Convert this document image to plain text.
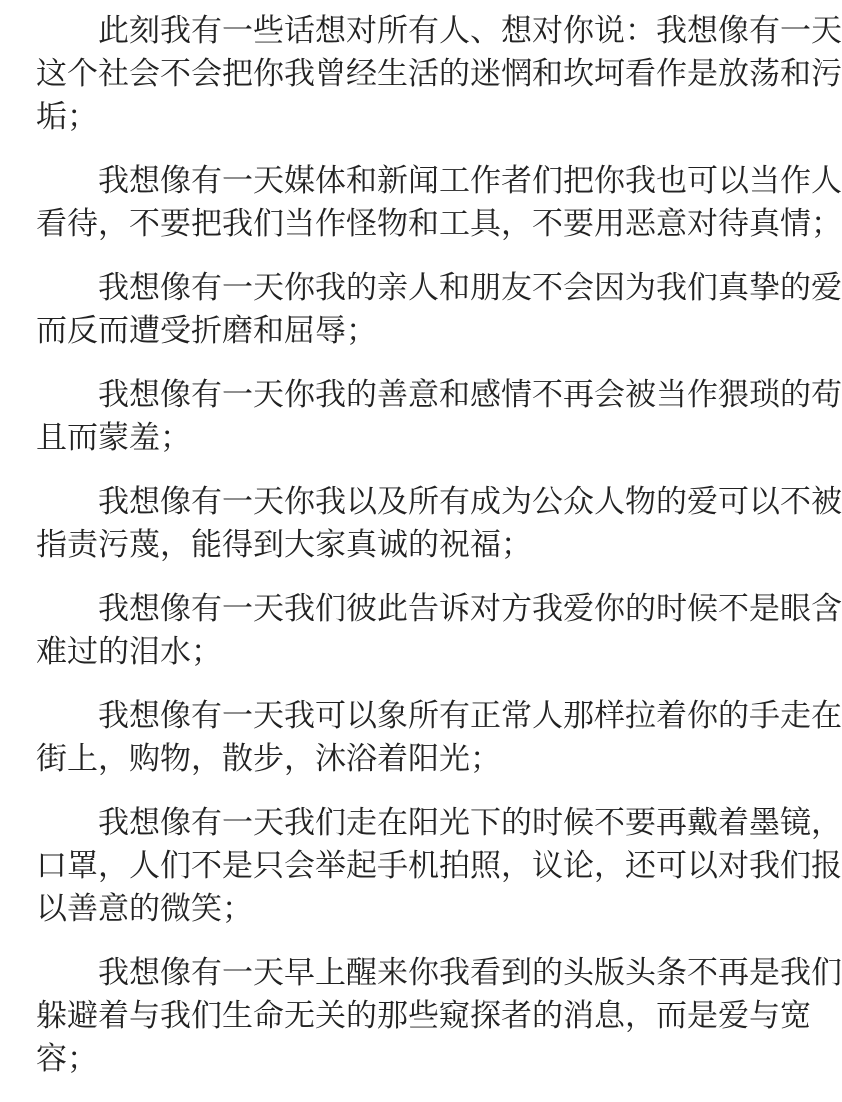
此刻我有一些话想对所有人、想对你说：我想像有一天
这个社会不会把你我曾经生活的迷惘和坎坷看作是放荡和污
垢；
我想像有一天媒体和新闻工作者们把你我也可以当作人
看待，不要把我们当作怪物和工具，不要用恶意对待真情；
我想像有一天你我的亲人和朋友不会因为我们真挚的爱
而反而遭受折磨和屈辱；
我想像有一天你我的善意和感情不再会被当作猥琐的苟
且而蒙羞；
我想像有一天你我以及所有成为公众人物的爱可以不被
指责污蔑，能得到大家真诚的祝福；
我想像有一天我们彼此告诉对方我爱你的时候不是眼含
难过的泪水；
我想像有一天我可以象所有正常人那样拉着你的手走在
街上，购物，散步，沐浴着阳光；
我想像有一天我们走在阳光下的时候不要再戴着墨镜，
口罩，人们不是只会举起手机拍照，议论，还可以对我们报
以善意的微笑；
我想像有一天早上醒来你我看到的头版头条不再是我们
躲避着与我们生命无关的那些窥探者的消息，而是爱与宽
容；
